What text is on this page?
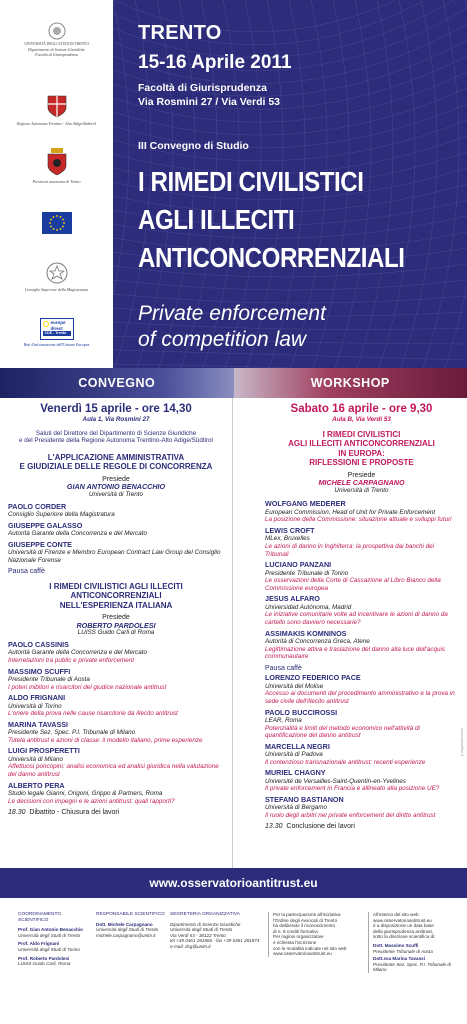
UNIVERSITÀ DEGLI STUDI DI TRENTO
Dipartimento di Scienze Giuridiche
Facoltà di Giurisprudenza
Regione Autonoma Trentino - Alto Adige/Südtirol
Provincia autonoma di Trento
Consiglio Superiore della Magistratura
europe
direct
CDE - Trento
Reti d'informazione dell'Unione Europea
TRENTO
15-16 Aprile 2011
Facoltà di Giurisprudenza
Via Rosmini 27 / Via Verdi 53
III Convegno di Studio
I RIMEDI CIVILISTICI
AGLI ILLECITI
ANTICONCORRENZIALI
Private enforcement
of competition law
CONVEGNO	WORKSHOP
Venerdì 15 aprile - ore 14,30
Aula 1, Via Rosmini 27
Saluti del Direttore del Dipartimento di Scienze Giuridiche
e del Presidente della Regione Autonoma Trentino-Alto Adige/Südtirol
L'APPLICAZIONE AMMINISTRATIVA
E GIUDIZIALE DELLE REGOLE DI CONCORRENZA
Presiede
GIAN ANTONIO BENACCHIO
Università di Trento
PAOLO CORDER
Consiglio Superiore della Magistratura
GIUSEPPE GALASSO
Autorità Garante della Concorrenza e del Mercato
GIUSEPPE CONTE
Università di Firenze e Membro European Contract Law Group del Consiglio Nazionale Forense
Pausa caffè
I RIMEDI CIVILISTICI AGLI ILLECITI
ANTICONCORRENZIALI
NELL'ESPERIENZA ITALIANA
Presiede
ROBERTO PARDOLESI
LUISS Guido Carli di Roma
PAOLO CASSINIS
Autorità Garante della Concorrenza e del Mercato
Interrelazioni tra public e private enforcement
MASSIMO SCUFFI
Presidente Tribunale di Aosta
I poteri inibitori e risarcitori del giudice nazionale antitrust
ALDO FRIGNANI
Università di Torino
L'onere della prova nelle cause risarcitorie da illecito antitrust
MARINA TAVASSI
Presidente Sez. Spec. P.I. Tribunale di Milano
Tutela antitrust e azioni di classe: il modello italiano, prime esperienze
LUIGI PROSPERETTI
Università di Milano
Affettuosi poncopini: analisi economica ed analisi giuridica nella valutazione del danno antitrust
ALBERTO PERA
Studio legale Gianni, Origoni, Grippo & Partners, Roma
Le decisioni con impegni e le azioni antitrust: quali rapporti?
18.30 Dibattito - Chiusura dei lavori
Sabato 16 aprile - ore 9,30
Aula B, Via Verdi 53
I RIMEDI CIVILISTICI
AGLI ILLECITI ANTICONCORRENZIALI
IN EUROPA:
RIFLESSIONI E PROPOSTE
Presiede
MICHELE CARPAGNANO
Università di Trento
WOLFGANG MEDERER
European Commission, Head of Unit for Private Enforcement
La posizione della Commissione: situazione attuale e sviluppi futuri
LEWIS CROFT
MLex, Bruxelles
Le azioni di danno in Inghilterra: la prospettiva dai banchi dei Tribunali
LUCIANO PANZANI
Presidente Tribunale di Torino
Le osservazioni della Corte di Cassazione al Libro Bianco della Commissione europea
JESUS ALFARO
Universidad Autónoma, Madrid
Le iniziative comunitarie volte ad incentivare le azioni di danno da cartello sono davvero necessarie?
ASSIMAKIS KOMNINOS
Autorità di Concorrenza Greca, Atene
Legittimazione attiva e traslazione del danno alla luce dell'acquis communautaire
Pausa caffè
LORENZO FEDERICO PACE
Università del Molise
Accesso ai documenti del procedimento amministrativo e la prova in sede civile dell'illecito antitrust
PAOLO BUCCIROSSI
LEAR, Roma
Potenzialità e limiti del metodo economico nell'attività di quantificazione del danno antitrust
MARCELLA NEGRI
Università di Padova
Il contenzioso transnazionale antitrust: recenti esperienze
MURIEL CHAGNY
Université de Versailles-Saint-Quentin-en-Yvelines
Il private enforcement in Francia è allineato alla posizione UE?
STEFANO BASTIANON
Università di Bergamo
Il ruolo degli arbitri nel private enforcement del diritto antitrust
13.30 Conclusione dei lavori
www.caresoffice.it
www.osservatorioantitrust.eu
COORDINAMENTO SCIENTIFICO
Prof. Gian Antonio Benacchio
Università degli Studi di Trento
Prof. Aldo Frignani
Università degli Studi di Torino
Prof. Roberto Pardolesi
LUISS Guido Carli, Roma
RESPONSABILE SCIENTIFICO
Dott. Michele Carpagnano
Università degli Studi di Trento
michele.carpagnano@unitn.it
SEGRETERIA ORGANIZZATIVA
Dipartimento di Scienze Giuridiche
Università degli Studi di Trento
Via Verdi 53 - 38122 Trento
tel +39 0461 281866 - fax +39 0461 281874
e-mail: dsg@unitn.it
Per la partecipazione all'iniziativa
l'Ordine degli Avvocati di Trento
ha deliberato il riconoscimento
di n. 8 crediti formativi.
Per ragioni organizzative
è richiesta l'iscrizione
con le modalità indicate nel sito web
www.osservatorioantitrust.eu
All'interno del sito web
www.osservatorioantitrust.eu
è a disposizione un data base
della giurisprudenza antitrust,
sotto la direzione scientifica di:
Dott. Massimo Scuffi
Presidente Tribunale di Aosta
Dott.ssa Marina Tavassi
Presidente Sez. Spec. P.I. Tribunale di Milano
